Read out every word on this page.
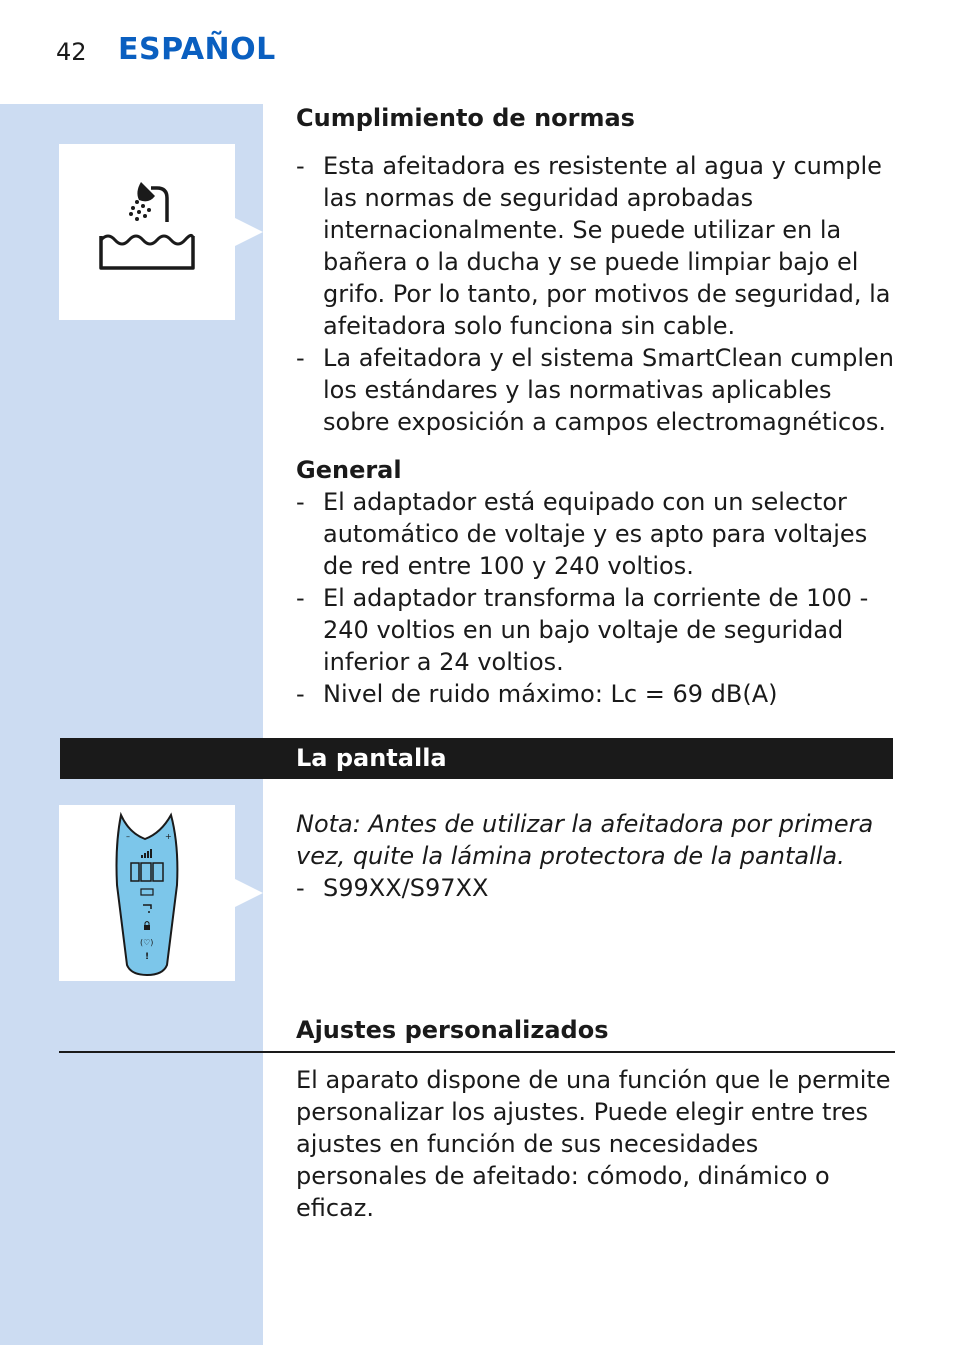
42 ESPAÑOL
Cumplimiento de normas
- Esta afeitadora es resistente al agua y cumple las normas de seguridad aprobadas internacionalmente. Se puede utilizar en la bañera o la ducha y se puede limpiar bajo el grifo. Por lo tanto, por motivos de seguridad, la afeitadora solo funciona sin cable.
- La afeitadora y el sistema SmartClean cumplen los estándares y las normativas aplicables sobre exposición a campos electromagnéticos.
General
- El adaptador está equipado con un selector automático de voltaje y es apto para voltajes de red entre 100 y 240 voltios.
- El adaptador transforma la corriente de 100 - 240 voltios en un bajo voltaje de seguridad inferior a 24 voltios.
- Nivel de ruido máximo: Lc = 69 dB(A)
La pantalla
–	+
(♡)
!

Nota: Antes de utilizar la afeitadora por primera vez, quite la lámina protectora de la pantalla.

- S99XX/S97XX
Ajustes personalizados

El aparato dispone de una función que le permite personalizar los ajustes. Puede elegir entre tres ajustes en función de sus necesidades personales de afeitado: cómodo, dinámico o eficaz.
